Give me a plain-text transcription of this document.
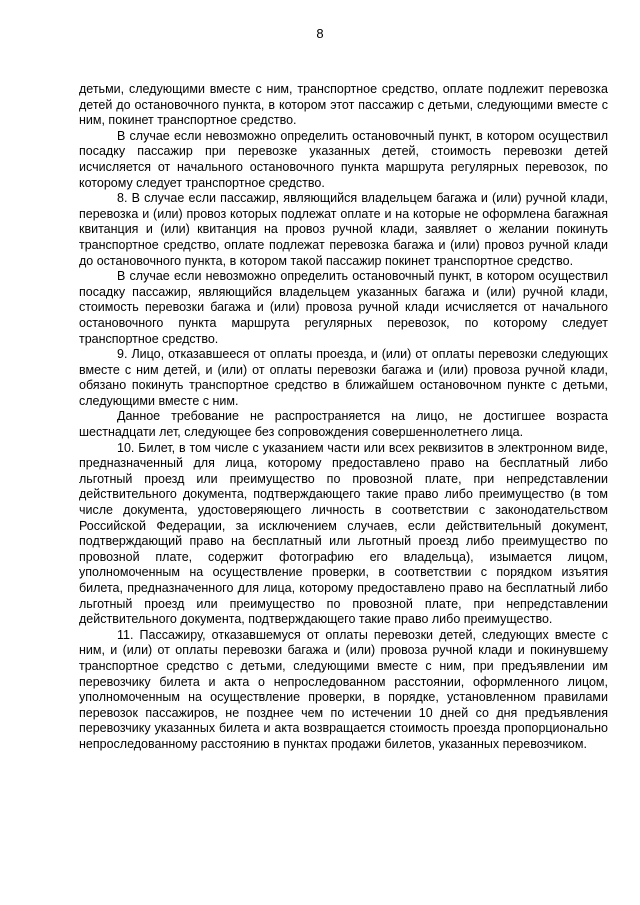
8

детьми, следующими вместе с ним, транспортное средство, оплате подлежит перевозка детей до остановочного пункта, в котором этот пассажир с детьми, следующими вместе с ним, покинет транспортное средство.

В случае если невозможно определить остановочный пункт, в котором осуществил посадку пассажир при перевозке указанных детей, стоимость перевозки детей исчисляется от начального остановочного пункта маршрута регулярных перевозок, по которому следует транспортное средство.

8. В случае если пассажир, являющийся владельцем багажа и (или) ручной клади, перевозка и (или) провоз которых подлежат оплате и на которые не оформлена багажная квитанция и (или) квитанция на провоз ручной клади, заявляет о желании покинуть транспортное средство, оплате подлежат перевозка багажа и (или) провоз ручной клади до остановочного пункта, в котором такой пассажир покинет транспортное средство.

В случае если невозможно определить остановочный пункт, в котором осуществил посадку пассажир, являющийся владельцем указанных багажа и (или) ручной клади, стоимость перевозки багажа и (или) провоза ручной клади исчисляется от начального остановочного пункта маршрута регулярных перевозок, по которому следует транспортное средство.

9. Лицо, отказавшееся от оплаты проезда, и (или) от оплаты перевозки следующих вместе с ним детей, и (или) от оплаты перевозки багажа и (или) провоза ручной клади, обязано покинуть транспортное средство в ближайшем остановочном пункте с детьми, следующими вместе с ним.

Данное требование не распространяется на лицо, не достигшее возраста шестнадцати лет, следующее без сопровождения совершеннолетнего лица.

10. Билет, в том числе с указанием части или всех реквизитов в электронном виде, предназначенный для лица, которому предоставлено право на бесплатный либо льготный проезд или преимущество по провозной плате, при непредставлении действительного документа, подтверждающего такие право либо преимущество (в том числе документа, удостоверяющего личность в соответствии с законодательством Российской Федерации, за исключением случаев, если действительный документ, подтверждающий право на бесплатный или льготный проезд либо преимущество по провозной плате, содержит фотографию его владельца), изымается лицом, уполномоченным на осуществление проверки, в соответствии с порядком изъятия билета, предназначенного для лица, которому предоставлено право на бесплатный либо льготный проезд или преимущество по провозной плате, при непредставлении действительного документа, подтверждающего такие право либо преимущество.

11. Пассажиру, отказавшемуся от оплаты перевозки детей, следующих вместе с ним, и (или) от оплаты перевозки багажа и (или) провоза ручной клади и покинувшему транспортное средство с детьми, следующими вместе с ним, при предъявлении им перевозчику билета и акта о непроследованном расстоянии, оформленного лицом, уполномоченным на осуществление проверки, в порядке, установленном правилами перевозок пассажиров, не позднее чем по истечении 10 дней со дня предъявления перевозчику указанных билета и акта возвращается стоимость проезда пропорционально непроследованному расстоянию в пунктах продажи билетов, указанных перевозчиком.
